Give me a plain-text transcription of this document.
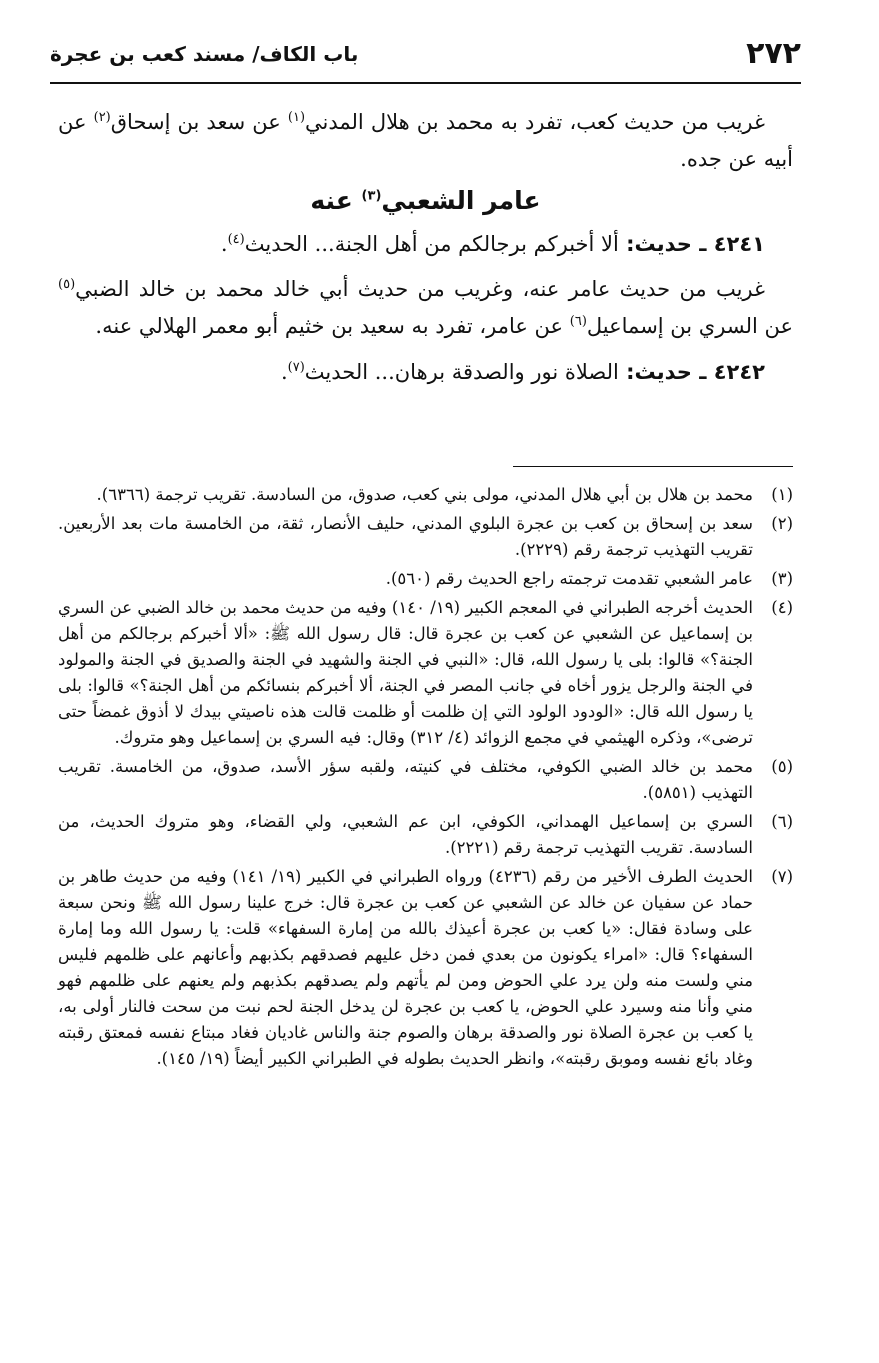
٢٧٢
باب الكاف/ مسند كعب بن عجرة

غريب من حديث كعب، تفرد به محمد بن هلال المدني$^{(١)}$ عن سعد بن إسحاق$^{(٢)}$ عن أبيه عن جده.

عامر الشعبي$^{(٣)}$ عنه

٤٢٤١ ـ حديث: ألا أخبركم برجالكم من أهل الجنة... الحديث$^{(٤)}$.

غريب من حديث عامر عنه، وغريب من حديث أبي خالد محمد بن خالد الضبي$^{(٥)}$ عن السري بن إسماعيل$^{(٦)}$ عن عامر، تفرد به سعيد بن خثيم أبو معمر الهلالي عنه.

٤٢٤٢ ـ حديث: الصلاة نور والصدقة برهان... الحديث$^{(٧)}$.

(١)
محمد بن هلال بن أبي هلال المدني، مولى بني كعب، صدوق، من السادسة. تقريب ترجمة (٦٣٦٦).
(٢)
سعد بن إسحاق بن كعب بن عجرة البلوي المدني، حليف الأنصار، ثقة، من الخامسة مات بعد الأربعين. تقريب التهذيب ترجمة رقم (٢٢٢٩).
(٣)
عامر الشعبي تقدمت ترجمته راجع الحديث رقم (٥٦٠).
(٤)
الحديث أخرجه الطبراني في المعجم الكبير (١٩/ ١٤٠) وفيه من حديث محمد بن خالد الضبي عن السري بن إسماعيل عن الشعبي عن كعب بن عجرة قال: قال رسول الله ﷺ: «ألا أخبركم برجالكم من أهل الجنة؟» قالوا: بلى يا رسول الله، قال: «النبي في الجنة والشهيد في الجنة والصديق في الجنة والمولود في الجنة والرجل يزور أخاه في جانب المصر في الجنة، ألا أخبركم بنسائكم من أهل الجنة؟» قالوا: بلى يا رسول الله قال: «الودود الولود التي إن ظلمت أو ظلمت قالت هذه ناصيتي بيدك لا أذوق غمضاً حتى ترضى»، وذكره الهيثمي في مجمع الزوائد (٤/ ٣١٢) وقال: فيه السري بن إسماعيل وهو متروك.
(٥)
محمد بن خالد الضبي الكوفي، مختلف في كنيته، ولقبه سؤر الأسد، صدوق، من الخامسة. تقريب التهذيب (٥٨٥١).
(٦)
السري بن إسماعيل الهمداني، الكوفي، ابن عم الشعبي، ولي القضاء، وهو متروك الحديث، من السادسة. تقريب التهذيب ترجمة رقم (٢٢٢١).
(٧)
الحديث الطرف الأخير من رقم (٤٢٣٦) ورواه الطبراني في الكبير (١٩/ ١٤١) وفيه من حديث طاهر بن حماد عن سفيان عن خالد عن الشعبي عن كعب بن عجرة قال: خرج علينا رسول الله ﷺ ونحن سبعة على وسادة فقال: «يا كعب بن عجرة أعيذك بالله من إمارة السفهاء» قلت: يا رسول الله وما إمارة السفهاء؟ قال: «امراء يكونون من بعدي فمن دخل عليهم فصدقهم بكذبهم وأعانهم على ظلمهم فليس مني ولست منه ولن يرد علي الحوض ومن لم يأتهم ولم يصدقهم بكذبهم ولم يعنهم على ظلمهم فهو مني وأنا منه وسيرد علي الحوض، يا كعب بن عجرة لن يدخل الجنة لحم نبت من سحت فالنار أولى به، يا كعب بن عجرة الصلاة نور والصدقة برهان والصوم جنة والناس غاديان فغاد مبتاع نفسه فمعتق رقبته وغاد بائع نفسه وموبق رقبته»، وانظر الحديث بطوله في الطبراني الكبير أيضاً (١٩/ ١٤٥).
